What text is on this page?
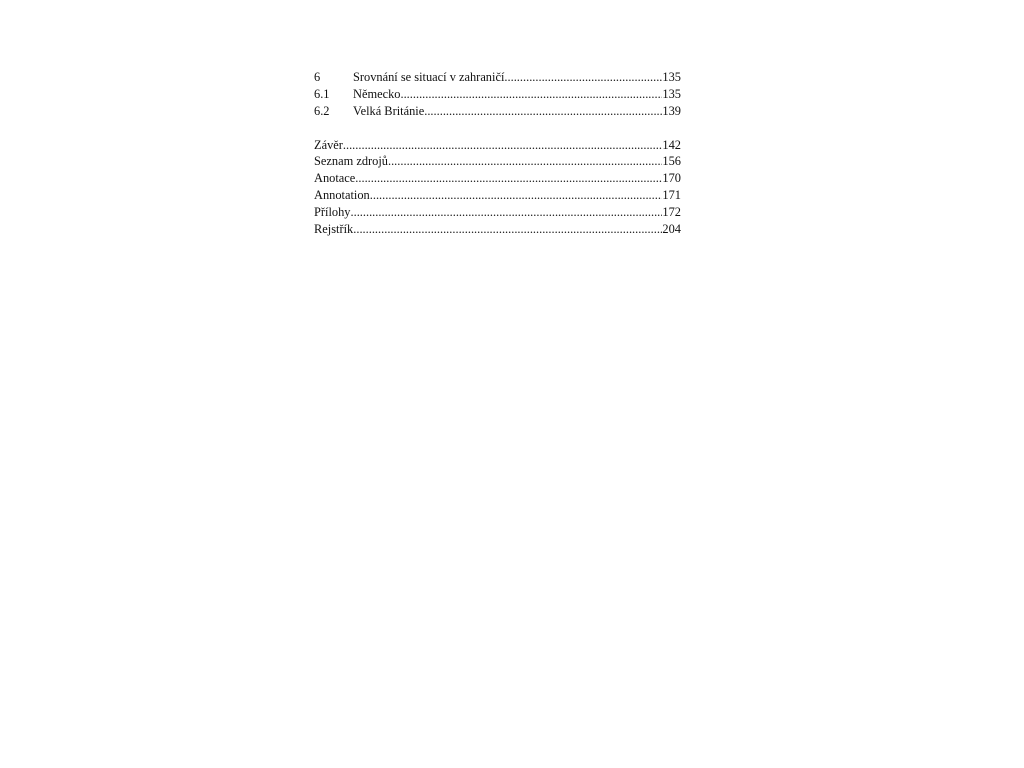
6	Srovnání se situací v zahraničí .....	135
6.1	Německo .....	135
6.2	Velká Británie .....	139
Závěr .....	142
Seznam zdrojů .....	156
Anotace .....	170
Annotation .....	171
Přílohy .....	172
Rejstřík .....	204
